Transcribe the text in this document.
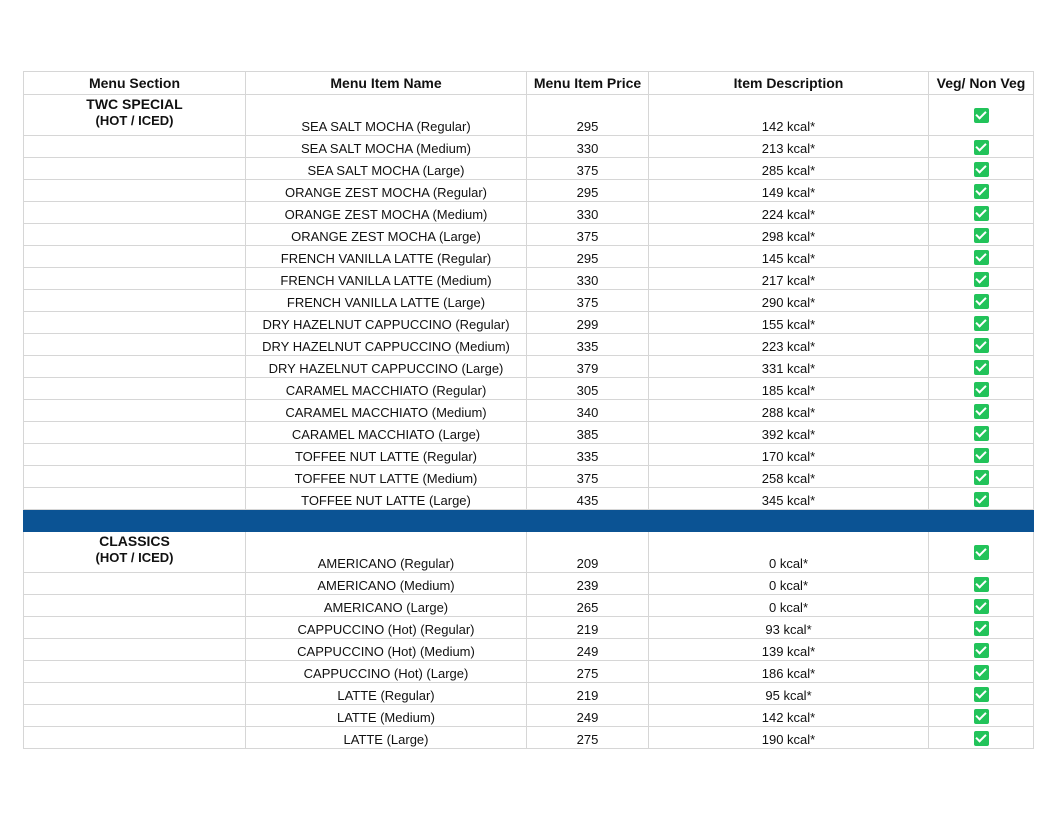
Menu Section	Menu Item Name	Menu Item Price	Item Description	Veg/ Non Veg

TWC SPECIAL
(HOT / ICED)	SEA SALT MOCHA (Regular)	295	142 kcal*	
	SEA SALT MOCHA (Medium)	330	213 kcal*	
	SEA SALT MOCHA (Large)	375	285 kcal*	
	ORANGE ZEST MOCHA (Regular)	295	149 kcal*	
	ORANGE ZEST MOCHA (Medium)	330	224 kcal*	
	ORANGE ZEST MOCHA (Large)	375	298 kcal*	
	FRENCH VANILLA LATTE (Regular)	295	145 kcal*	
	FRENCH VANILLA LATTE (Medium)	330	217 kcal*	
	FRENCH VANILLA LATTE (Large)	375	290 kcal*	
	DRY HAZELNUT CAPPUCCINO (Regular)	299	155 kcal*	
	DRY HAZELNUT CAPPUCCINO (Medium)	335	223 kcal*	
	DRY HAZELNUT CAPPUCCINO (Large)	379	331 kcal*	
	CARAMEL MACCHIATO (Regular)	305	185 kcal*	
	CARAMEL MACCHIATO (Medium)	340	288 kcal*	
	CARAMEL MACCHIATO (Large)	385	392 kcal*	
	TOFFEE NUT LATTE (Regular)	335	170 kcal*	
	TOFFEE NUT LATTE (Medium)	375	258 kcal*	
	TOFFEE NUT LATTE (Large)	435	345 kcal*	

CLASSICS
(HOT / ICED)	AMERICANO (Regular)	209	0 kcal*	
	AMERICANO (Medium)	239	0 kcal*	
	AMERICANO (Large)	265	0 kcal*	
	CAPPUCCINO (Hot) (Regular)	219	93 kcal*	
	CAPPUCCINO (Hot) (Medium)	249	139 kcal*	
	CAPPUCCINO (Hot) (Large)	275	186 kcal*	
	LATTE (Regular)	219	95 kcal*	
	LATTE (Medium)	249	142 kcal*	
	LATTE (Large)	275	190 kcal*	
